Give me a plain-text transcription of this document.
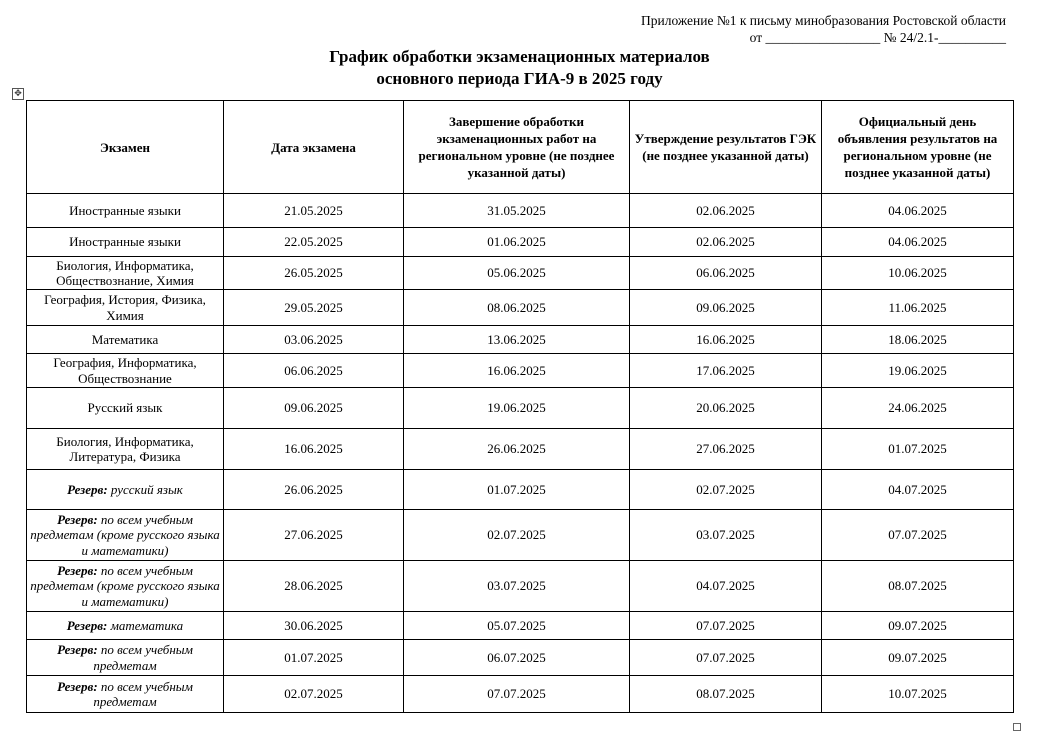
Приложение №1 к письму минобразования Ростовской области
от _________________ № 24/2.1-__________
График обработки экзаменационных материалов
основного периода ГИА-9 в 2025 году
✥
Экзамен	Дата экзамена	Завершение обработки экзаменационных работ на региональном уровне (не позднее указанной даты)	Утверждение результатов ГЭК (не позднее указанной даты)	Официальный день объявления результатов на региональном уровне (не позднее указанной даты)
Иностранные языки	21.05.2025	31.05.2025	02.06.2025	04.06.2025
Иностранные языки	22.05.2025	01.06.2025	02.06.2025	04.06.2025
Биология, Информатика, Обществознание, Химия	26.05.2025	05.06.2025	06.06.2025	10.06.2025
География, История, Физика, Химия	29.05.2025	08.06.2025	09.06.2025	11.06.2025
Математика	03.06.2025	13.06.2025	16.06.2025	18.06.2025
География, Информатика, Обществознание	06.06.2025	16.06.2025	17.06.2025	19.06.2025
Русский язык	09.06.2025	19.06.2025	20.06.2025	24.06.2025
Биология, Информатика, Литература, Физика	16.06.2025	26.06.2025	27.06.2025	01.07.2025
Резерв: русский язык	26.06.2025	01.07.2025	02.07.2025	04.07.2025
Резерв: по всем учебным предметам (кроме русского языка и математики)	27.06.2025	02.07.2025	03.07.2025	07.07.2025
Резерв: по всем учебным предметам (кроме русского языка и математики)	28.06.2025	03.07.2025	04.07.2025	08.07.2025
Резерв: математика	30.06.2025	05.07.2025	07.07.2025	09.07.2025
Резерв: по всем учебным предметам	01.07.2025	06.07.2025	07.07.2025	09.07.2025
Резерв: по всем учебным предметам	02.07.2025	07.07.2025	08.07.2025	10.07.2025
